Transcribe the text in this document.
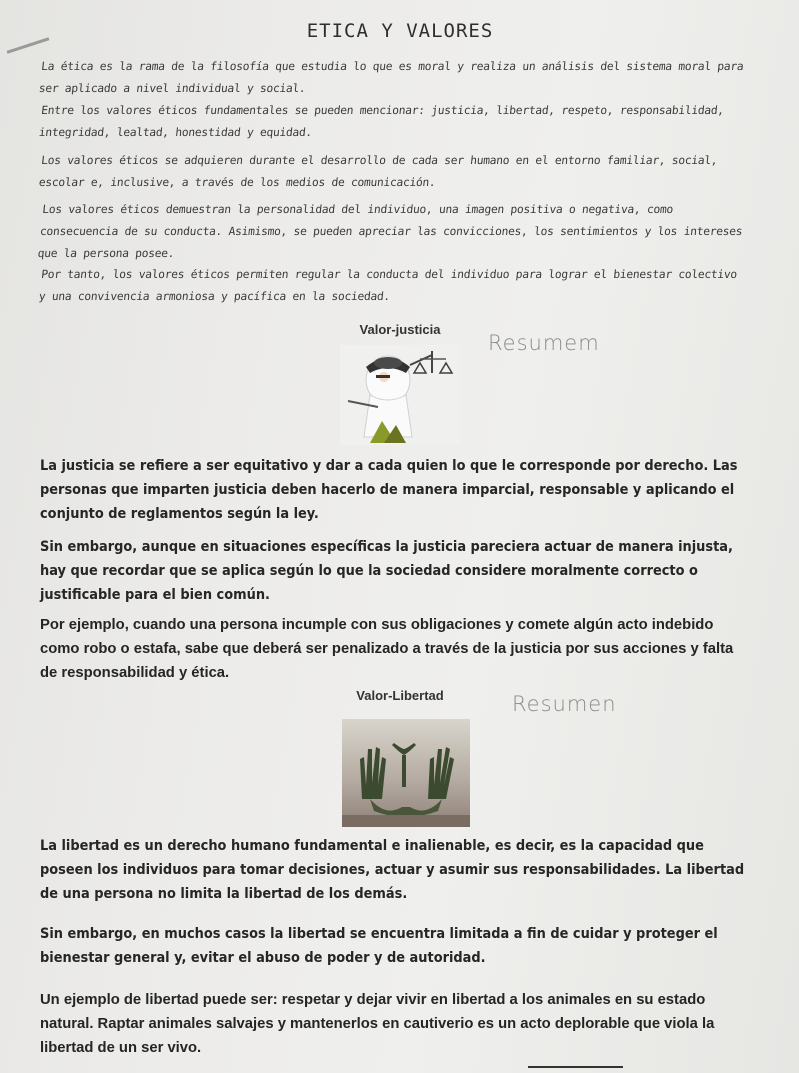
ETICA Y VALORES

La ética es la rama de la filosofía que estudia lo que es moral y realiza un análisis del sistema moral para ser aplicado a nivel individual y social.

Entre los valores éticos fundamentales se pueden mencionar: justicia, libertad, respeto, responsabilidad, integridad, lealtad, honestidad y equidad.

Los valores éticos se adquieren durante el desarrollo de cada ser humano en el entorno familiar, social, escolar e, inclusive, a través de los medios de comunicación.

Los valores éticos demuestran la personalidad del individuo, una imagen positiva o negativa, como consecuencia de su conducta. Asimismo, se pueden apreciar las convicciones, los sentimientos y los intereses que la persona posee.

Por tanto, los valores éticos permiten regular la conducta del individuo para lograr el bienestar colectivo y una convivencia armoniosa y pacífica en la sociedad.

Valor-justicia
Resumem

La justicia se refiere a ser equitativo y dar a cada quien lo que le corresponde por derecho. Las personas que imparten justicia deben hacerlo de manera imparcial, responsable y aplicando el conjunto de reglamentos según la ley.

Sin embargo, aunque en situaciones específicas la justicia pareciera actuar de manera injusta, hay que recordar que se aplica según lo que la sociedad considere moralmente correcto o justificable para el bien común.

Por ejemplo, cuando una persona incumple con sus obligaciones y comete algún acto indebido como robo o estafa, sabe que deberá ser penalizado a través de la justicia por sus acciones y falta de responsabilidad y ética.

Valor-Libertad	Resumen

La libertad es un derecho humano fundamental e inalienable, es decir, es la capacidad que poseen los individuos para tomar decisiones, actuar y asumir sus responsabilidades. La libertad de una persona no limita la libertad de los demás.

Sin embargo, en muchos casos la libertad se encuentra limitada a fin de cuidar y proteger el bienestar general y, evitar el abuso de poder y de autoridad.

Un ejemplo de libertad puede ser: respetar y dejar vivir en libertad a los animales en su estado natural. Raptar animales salvajes y mantenerlos en cautiverio es un acto deplorable que viola la libertad de un ser vivo.
